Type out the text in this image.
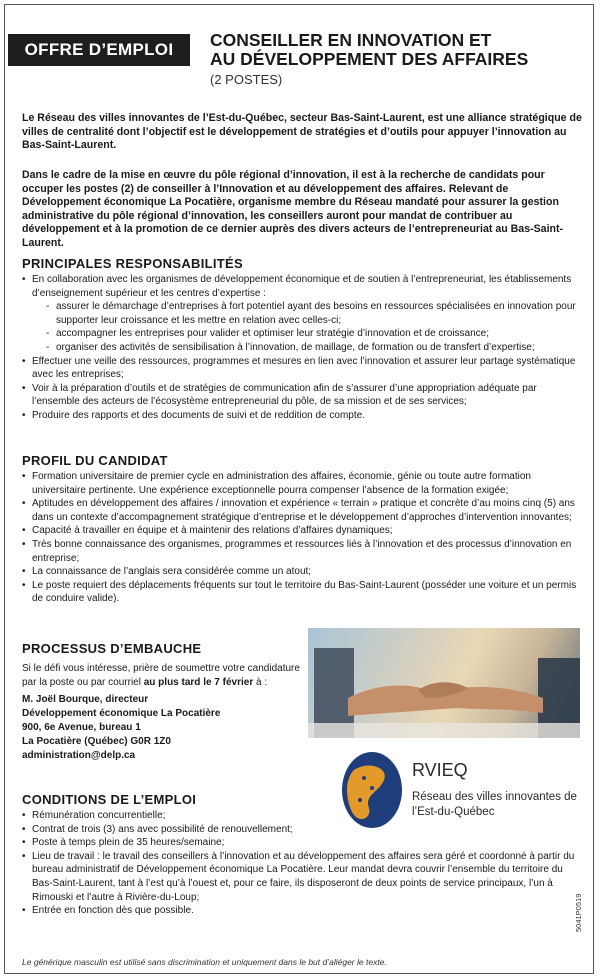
OFFRE D’EMPLOI	CONSEILLER EN INNOVATION ET
AU DÉVELOPPEMENT DES AFFAIRES
(2 POSTES)
Le Réseau des villes innovantes de l’Est-du-Québec, secteur Bas-Saint-Laurent, est une alliance stratégique de villes de centralité dont l’objectif est le développement de stratégies et d’outils pour appuyer l’innovation au Bas-Saint-Laurent.
Dans le cadre de la mise en œuvre du pôle régional d’innovation, il est à la recherche de candidats pour occuper les postes (2) de conseiller à l’Innovation et au développement des affaires. Relevant de Développement économique La Pocatière, organisme membre du Réseau mandaté pour assurer la gestion administrative du pôle régional d’innovation, les conseillers auront pour mandat de contribuer au développement et à la promotion de ce dernier auprès des divers acteurs de l’entrepreneuriat au Bas-Saint-Laurent.
PRINCIPALES RESPONSABILITÉS
• En collaboration avec les organismes de développement économique et de soutien à l’entrepreneuriat, les établissements d’enseignement supérieur et les centres d’expertise :
- assurer le démarchage d’entreprises à fort potentiel ayant des besoins en ressources spécialisées en innovation pour supporter leur croissance et les mettre en relation avec celles-ci;
- accompagner les entreprises pour valider et optimiser leur stratégie d’innovation et de croissance;
- organiser des activités de sensibilisation à l’innovation, de maillage, de formation ou de transfert d’expertise;
• Effectuer une veille des ressources, programmes et mesures en lien avec l’innovation et assurer leur partage systématique avec les entreprises;
• Voir à la préparation d’outils et de stratégies de communication afin de s’assurer d’une appropriation adéquate par l’ensemble des acteurs de l’écosystème entrepreneurial du pôle, de sa mission et de ses services;
• Produire des rapports et des documents de suivi et de reddition de compte.
PROFIL DU CANDIDAT
• Formation universitaire de premier cycle en administration des affaires, économie, génie ou toute autre formation universitaire pertinente. Une expérience exceptionnelle pourra compenser l’absence de la formation exigée;
• Aptitudes en développement des affaires / innovation et expérience « terrain » pratique et concrète d’au moins cinq (5) ans dans un contexte d’accompagnement stratégique d’entreprise et le développement d’approches d’intervention innovantes;
• Capacité à travailler en équipe et à maintenir des relations d’affaires dynamiques;
• Très bonne connaissance des organismes, programmes et ressources liés à l’innovation et des processus d’innovation en entreprise;
• La connaissance de l’anglais sera considérée comme un atout;
• Le poste requiert des déplacements fréquents sur tout le territoire du Bas-Saint-Laurent (posséder une voiture et un permis de conduire valide).
PROCESSUS D’EMBAUCHE
Si le défi vous intéresse, prière de soumettre votre candidature par la poste ou par courriel au plus tard le 7 février à :
M. Joël Bourque, directeur
Développement économique La Pocatière
900, 6e Avenue, bureau 1
La Pocatière (Québec) G0R 1Z0
administration@delp.ca
RVIEQ
Réseau des villes innovantes de l’Est-du-Québec
CONDITIONS DE L’EMPLOI
• Rémunération concurrentielle;
• Contrat de trois (3) ans avec possibilité de renouvellement;
• Poste à temps plein de 35 heures/semaine;
• Lieu de travail : le travail des conseillers à l’innovation et au développement des affaires sera géré et coordonné à partir du bureau administratif de Développement économique La Pocatière. Leur mandat devra couvrir l’ensemble du territoire du Bas-Saint-Laurent, tant à l’est qu’à l’ouest et, pour ce faire, ils disposeront de deux points de service principaux, l’un à Rimouski et l’autre à Rivière-du-Loup;
• Entrée en fonction dès que possible.
Le générique masculin est utilisé sans discrimination et uniquement dans le but d’alléger le texte.
5041P0519
